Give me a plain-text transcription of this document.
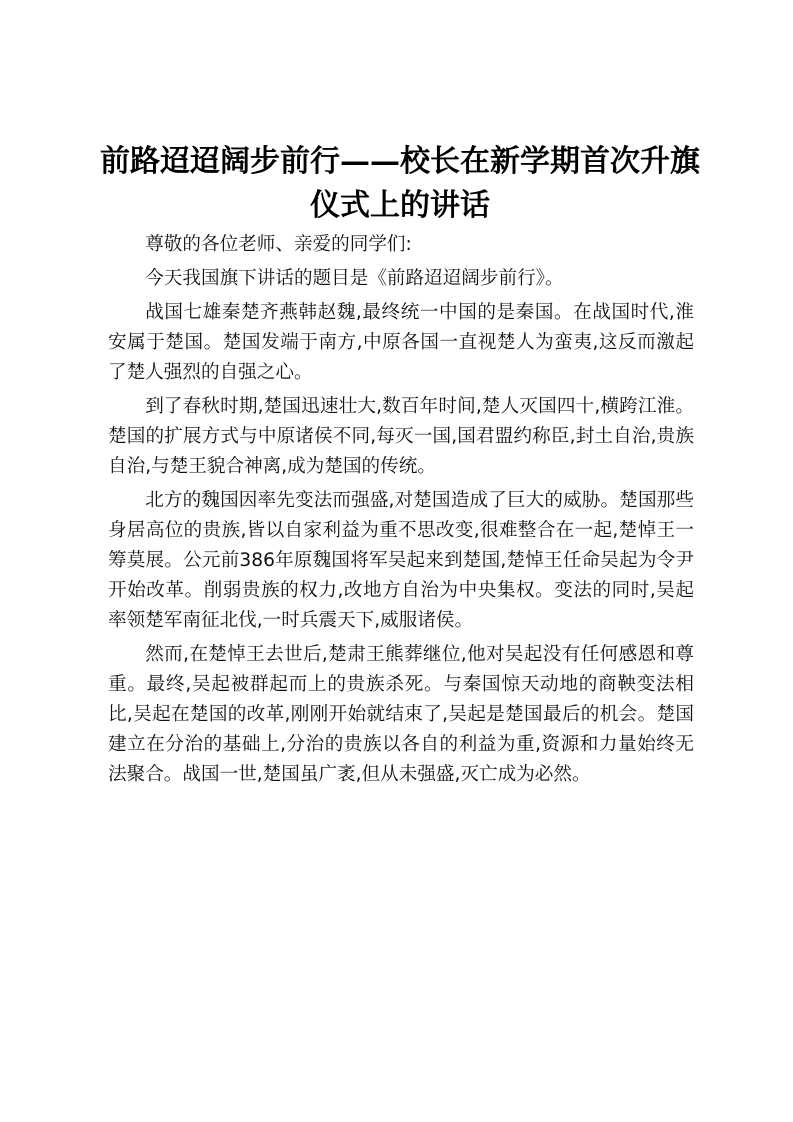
前路迢迢阔步前行——校长在新学期首次升旗仪式上的讲话

尊敬的各位老师、亲爱的同学们:

今天我国旗下讲话的题目是《前路迢迢阔步前行》。

战国七雄秦楚齐燕韩赵魏,最终统一中国的是秦国。在战国时代,淮安属于楚国。楚国发端于南方,中原各国一直视楚人为蛮夷,这反而激起了楚人强烈的自强之心。

到了春秋时期,楚国迅速壮大,数百年时间,楚人灭国四十,横跨江淮。楚国的扩展方式与中原诸侯不同,每灭一国,国君盟约称臣,封土自治,贵族自治,与楚王貌合神离,成为楚国的传统。

北方的魏国因率先变法而强盛,对楚国造成了巨大的威胁。楚国那些身居高位的贵族,皆以自家利益为重不思改变,很难整合在一起,楚悼王一筹莫展。公元前386年原魏国将军吴起来到楚国,楚悼王任命吴起为令尹开始改革。削弱贵族的权力,改地方自治为中央集权。变法的同时,吴起率领楚军南征北伐,一时兵震天下,威服诸侯。

然而,在楚悼王去世后,楚肃王熊葬继位,他对吴起没有任何感恩和尊重。最终,吴起被群起而上的贵族杀死。与秦国惊天动地的商鞅变法相比,吴起在楚国的改革,刚刚开始就结束了,吴起是楚国最后的机会。楚国建立在分治的基础上,分治的贵族以各自的利益为重,资源和力量始终无法聚合。战国一世,楚国虽广袤,但从未强盛,灭亡成为必然。
